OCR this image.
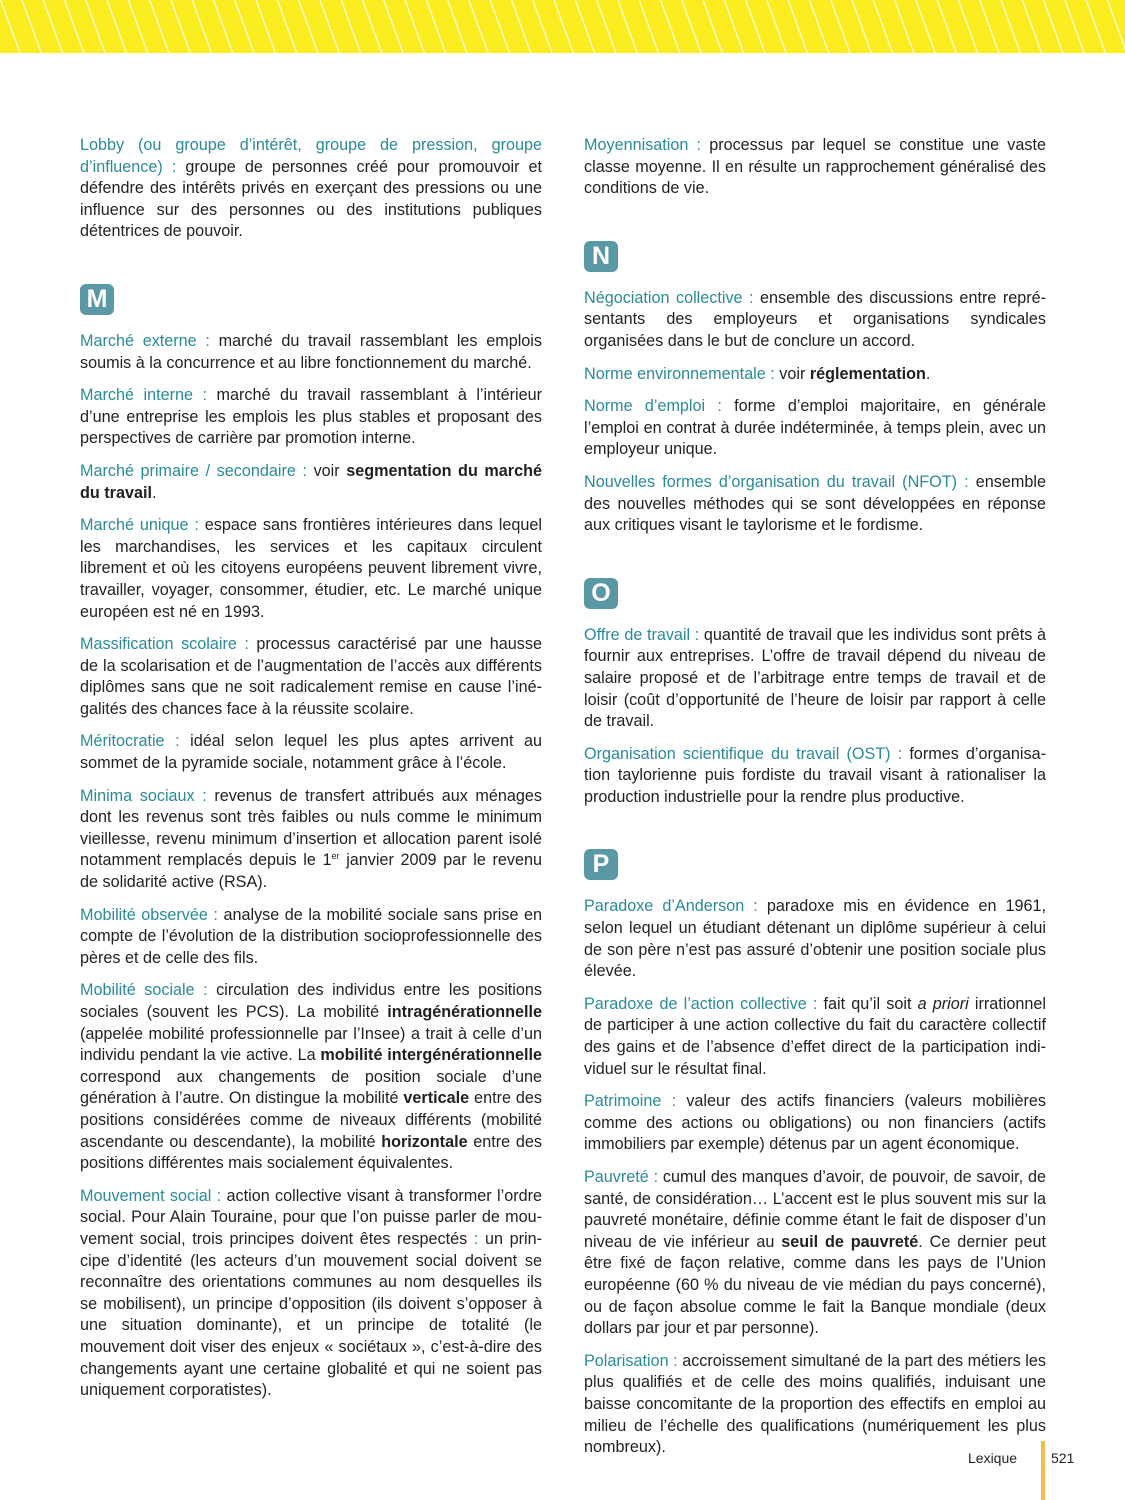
Lobby (ou groupe d’intérêt, groupe de pression, groupe d’influence) : groupe de personnes créé pour promouvoir et défendre des intérêts privés en exerçant des pressions ou une influence sur des personnes ou des institutions publiques détentrices de pouvoir.

M

Marché externe : marché du travail rassemblant les emplois soumis à la concurrence et au libre fonctionnement du marché.

Marché interne : marché du travail rassemblant à l’intérieur d’une entreprise les emplois les plus stables et proposant des perspectives de carrière par promotion interne.

Marché primaire / secondaire : voir segmentation du marché du travail.

Marché unique : espace sans frontières intérieures dans lequel les marchandises, les services et les capitaux circulent librement et où les citoyens européens peuvent librement vivre, travailler, voyager, consommer, étudier, etc. Le marché unique européen est né en 1993.

Massification scolaire : processus caractérisé par une hausse de la scolarisation et de l’augmentation de l’accès aux différents diplômes sans que ne soit radicalement remise en cause l’inégalités des chances face à la réussite scolaire.

Méritocratie : idéal selon lequel les plus aptes arrivent au sommet de la pyramide sociale, notamment grâce à l’école.

Minima sociaux : revenus de transfert attribués aux ménages dont les revenus sont très faibles ou nuls comme le minimum vieillesse, revenu minimum d’insertion et allocation parent isolé notamment remplacés depuis le 1er janvier 2009 par le revenu de solidarité active (RSA).

Mobilité observée : analyse de la mobilité sociale sans prise en compte de l’évolution de la distribution socioprofessionnelle des pères et de celle des fils.

Mobilité sociale : circulation des individus entre les positions sociales (souvent les PCS). La mobilité intragénérationnelle (appelée mobilité professionnelle par l’Insee) a trait à celle d’un individu pendant la vie active. La mobilité intergénérationnelle correspond aux changements de position sociale d’une génération à l’autre. On distingue la mobilité verticale entre des positions considérées comme de niveaux différents (mobilité ascendante ou descendante), la mobilité horizontale entre des positions différentes mais socialement équivalentes.

Mouvement social : action collective visant à transformer l’ordre social. Pour Alain Touraine, pour que l’on puisse parler de mouvement social, trois principes doivent êtes respectés : un principe d’identité (les acteurs d’un mouvement social doivent se reconnaître des orientations communes au nom desquelles ils se mobilisent), un principe d’opposition (ils doivent s’opposer à une situation dominante), et un principe de totalité (le mouvement doit viser des enjeux « sociétaux », c’est-à-dire des changements ayant une certaine globalité et qui ne soient pas uniquement corporatistes).

Moyennisation : processus par lequel se constitue une vaste classe moyenne. Il en résulte un rapprochement généralisé des conditions de vie.

N

Négociation collective : ensemble des discussions entre représentants des employeurs et organisations syndicales organisées dans le but de conclure un accord.

Norme environnementale : voir réglementation.

Norme d’emploi : forme d’emploi majoritaire, en générale l’emploi en contrat à durée indéterminée, à temps plein, avec un employeur unique.

Nouvelles formes d’organisation du travail (NFOT) : ensemble des nouvelles méthodes qui se sont développées en réponse aux critiques visant le taylorisme et le fordisme.

O

Offre de travail : quantité de travail que les individus sont prêts à fournir aux entreprises. L’offre de travail dépend du niveau de salaire proposé et de l’arbitrage entre temps de travail et de loisir (coût d’opportunité de l’heure de loisir par rapport à celle de travail.

Organisation scientifique du travail (OST) : formes d’organisation taylorienne puis fordiste du travail visant à rationaliser la production industrielle pour la rendre plus productive.

P

Paradoxe d’Anderson : paradoxe mis en évidence en 1961, selon lequel un étudiant détenant un diplôme supérieur à celui de son père n’est pas assuré d’obtenir une position sociale plus élevée.

Paradoxe de l’action collective : fait qu’il soit a priori irrationnel de participer à une action collective du fait du caractère collectif des gains et de l’absence d’effet direct de la participation individuel sur le résultat final.

Patrimoine : valeur des actifs financiers (valeurs mobilières comme des actions ou obligations) ou non financiers (actifs immobiliers par exemple) détenus par un agent économique.

Pauvreté : cumul des manques d’avoir, de pouvoir, de savoir, de santé, de considération… L’accent est le plus souvent mis sur la pauvreté monétaire, définie comme étant le fait de disposer d’un niveau de vie inférieur au seuil de pauvreté. Ce dernier peut être fixé de façon relative, comme dans les pays de l’Union européenne (60 % du niveau de vie médian du pays concerné), ou de façon absolue comme le fait la Banque mondiale (deux dollars par jour et par personne).

Polarisation : accroissement simultané de la part des métiers les plus qualifiés et de celle des moins qualifiés, induisant une baisse concomitante de la proportion des effectifs en emploi au milieu de l’échelle des qualifications (numériquement les plus nombreux).

Lexique 521
